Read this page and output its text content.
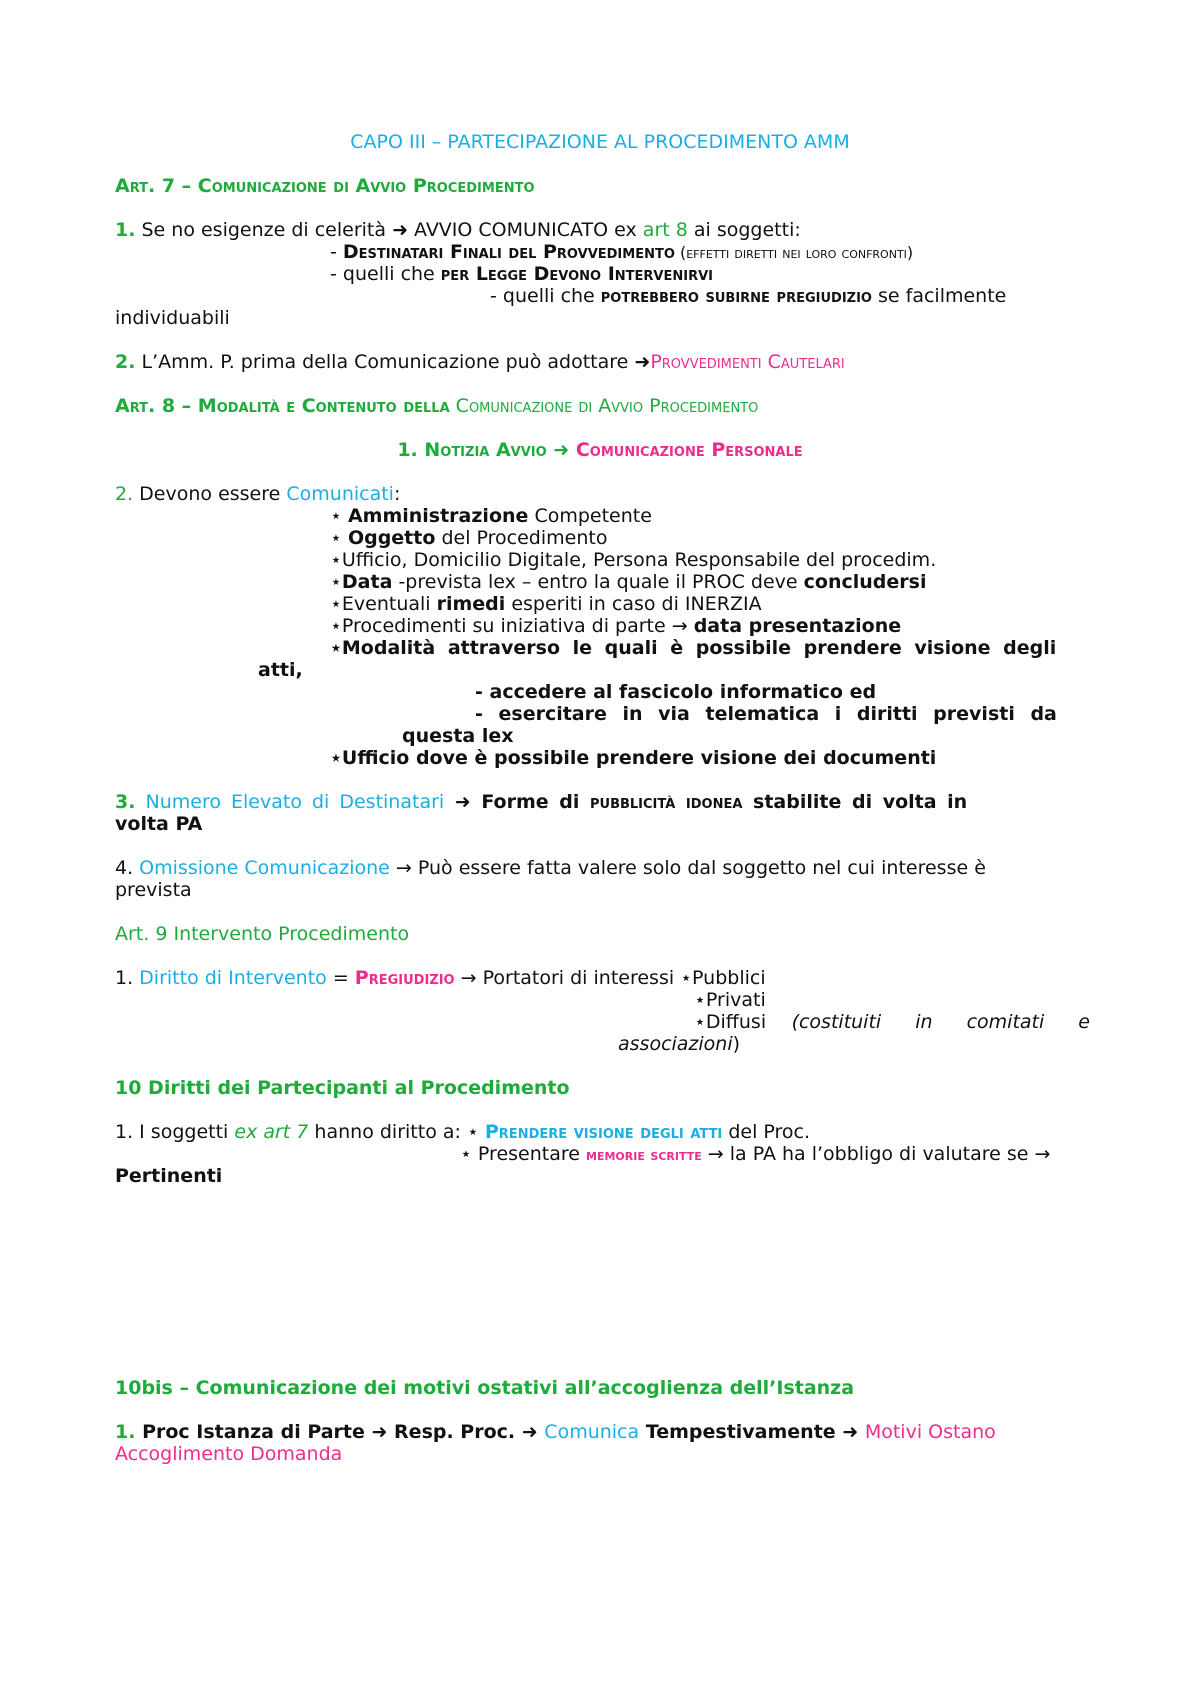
CAPO III – PARTECIPAZIONE AL PROCEDIMENTO AMM
Art. 7 – Comunicazione di Avvio Procedimento
1. Se no esigenze di celerità ➜ AVVIO COMUNICATO ex art 8 ai soggetti:
- Destinatari Finali del Provvedimento (effetti diretti nei loro confronti)
- quelli che per Legge Devono Intervenirvi
- quelli che potrebbero subirne pregiudizio se facilmente
individuabili
2. L’Amm. P. prima della Comunicazione può adottare ➜Provvedimenti Cautelari
Art. 8 – Modalità e Contenuto della Comunicazione di Avvio Procedimento
1. Notizia Avvio ➜ Comunicazione Personale
2. Devono essere Comunicati:
⋆ Amministrazione Competente
⋆ Oggetto del Procedimento
⋆Ufficio, Domicilio Digitale, Persona Responsabile del procedim.
⋆Data -prevista lex – entro la quale il PROC deve concludersi
⋆Eventuali rimedi esperiti in caso di INERZIA
⋆Procedimenti su iniziativa di parte → data presentazione
⋆Modalità attraverso le quali è possibile prendere visione degli
atti,
- accedere al fascicolo informatico ed
- esercitare in via telematica i diritti previsti da
questa lex
⋆Ufficio dove è possibile prendere visione dei documenti
3. Numero Elevato di Destinatari ➜ Forme di pubblicità idonea stabilite di volta in
volta PA
4. Omissione Comunicazione → Può essere fatta valere solo dal soggetto nel cui interesse è
prevista
Art. 9 Intervento Procedimento
1. Diritto di Intervento = Pregiudizio → Portatori di interessi ⋆Pubblici
⋆Privati
⋆Diffusi (costituiti in comitati e
associazioni)
10 Diritti dei Partecipanti al Procedimento
1. I soggetti ex art 7 hanno diritto a: ⋆ Prendere visione degli atti del Proc.
⋆ Presentare memorie scritte → la PA ha l’obbligo di valutare se →
Pertinenti
10bis – Comunicazione dei motivi ostativi all’accoglienza dell’Istanza
1. Proc Istanza di Parte ➜ Resp. Proc. ➜ Comunica Tempestivamente ➜ Motivi Ostano
Accoglimento Domanda
